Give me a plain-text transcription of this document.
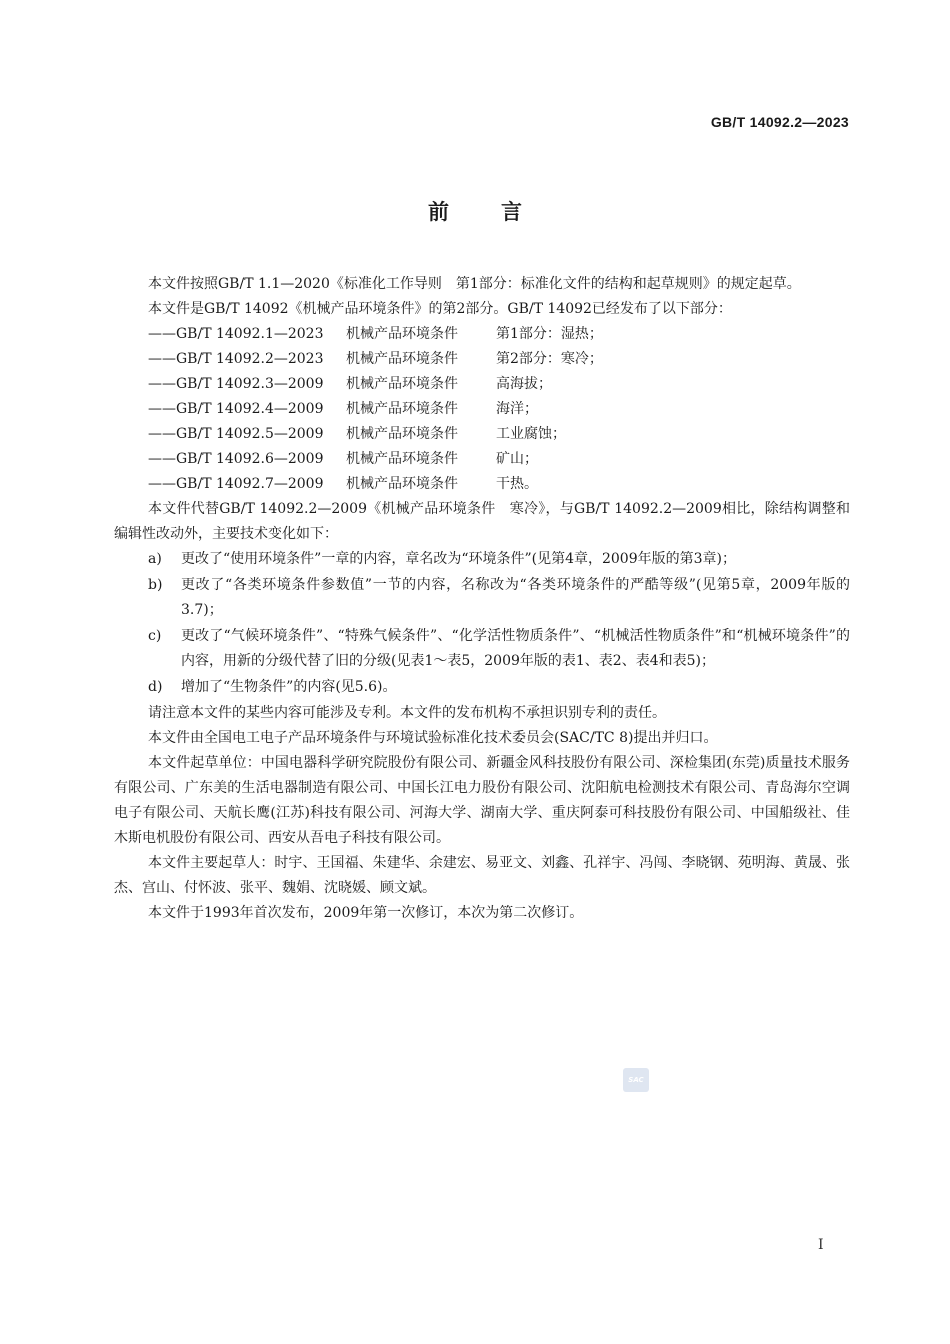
GB/T 14092.2—2023
前 言

本文件按照GB/T 1.1—2020《标准化工作导则　第1部分：标准化文件的结构和起草规则》的规定起草。

本文件是GB/T 14092《机械产品环境条件》的第2部分。GB/T 14092已经发布了以下部分：

——GB/T 14092.1—2023 机械产品环境条件	第1部分：湿热；

——GB/T 14092.2—2023 机械产品环境条件	第2部分：寒冷；

——GB/T 14092.3—2009 机械产品环境条件	高海拔；

——GB/T 14092.4—2009 机械产品环境条件	海洋；

——GB/T 14092.5—2009 机械产品环境条件	工业腐蚀；

——GB/T 14092.6—2009 机械产品环境条件	矿山；

——GB/T 14092.7—2009 机械产品环境条件	干热。

本文件代替GB/T 14092.2—2009《机械产品环境条件　寒冷》，与GB/T 14092.2—2009相比，除结构调整和编辑性改动外，主要技术变化如下：

a)	更改了“使用环境条件”一章的内容，章名改为“环境条件”(见第4章，2009年版的第3章)；
b)	更改了“各类环境条件参数值”一节的内容，名称改为“各类环境条件的严酷等级”(见第5章，2009年版的3.7)；
c)	更改了“气候环境条件”、“特殊气候条件”、“化学活性物质条件”、“机械活性物质条件”和“机械环境条件”的内容，用新的分级代替了旧的分级(见表1～表5，2009年版的表1、表2、表4和表5)；
d)	增加了“生物条件”的内容(见5.6)。

请注意本文件的某些内容可能涉及专利。本文件的发布机构不承担识别专利的责任。

本文件由全国电工电子产品环境条件与环境试验标准化技术委员会(SAC/TC 8)提出并归口。

本文件起草单位：中国电器科学研究院股份有限公司、新疆金风科技股份有限公司、深检集团(东莞)质量技术服务有限公司、广东美的生活电器制造有限公司、中国长江电力股份有限公司、沈阳航电检测技术有限公司、青岛海尔空调电子有限公司、天航长鹰(江苏)科技有限公司、河海大学、湖南大学、重庆阿泰可科技股份有限公司、中国船级社、佳木斯电机股份有限公司、西安从吾电子科技有限公司。

本文件主要起草人：时宇、王国福、朱建华、余建宏、易亚文、刘鑫、孔祥宇、冯闯、李晓钢、苑明海、黄晟、张杰、宫山、付怀波、张平、魏娟、沈晓媛、顾文斌。

本文件于1993年首次发布，2009年第一次修订，本次为第二次修订。

SAC
I
